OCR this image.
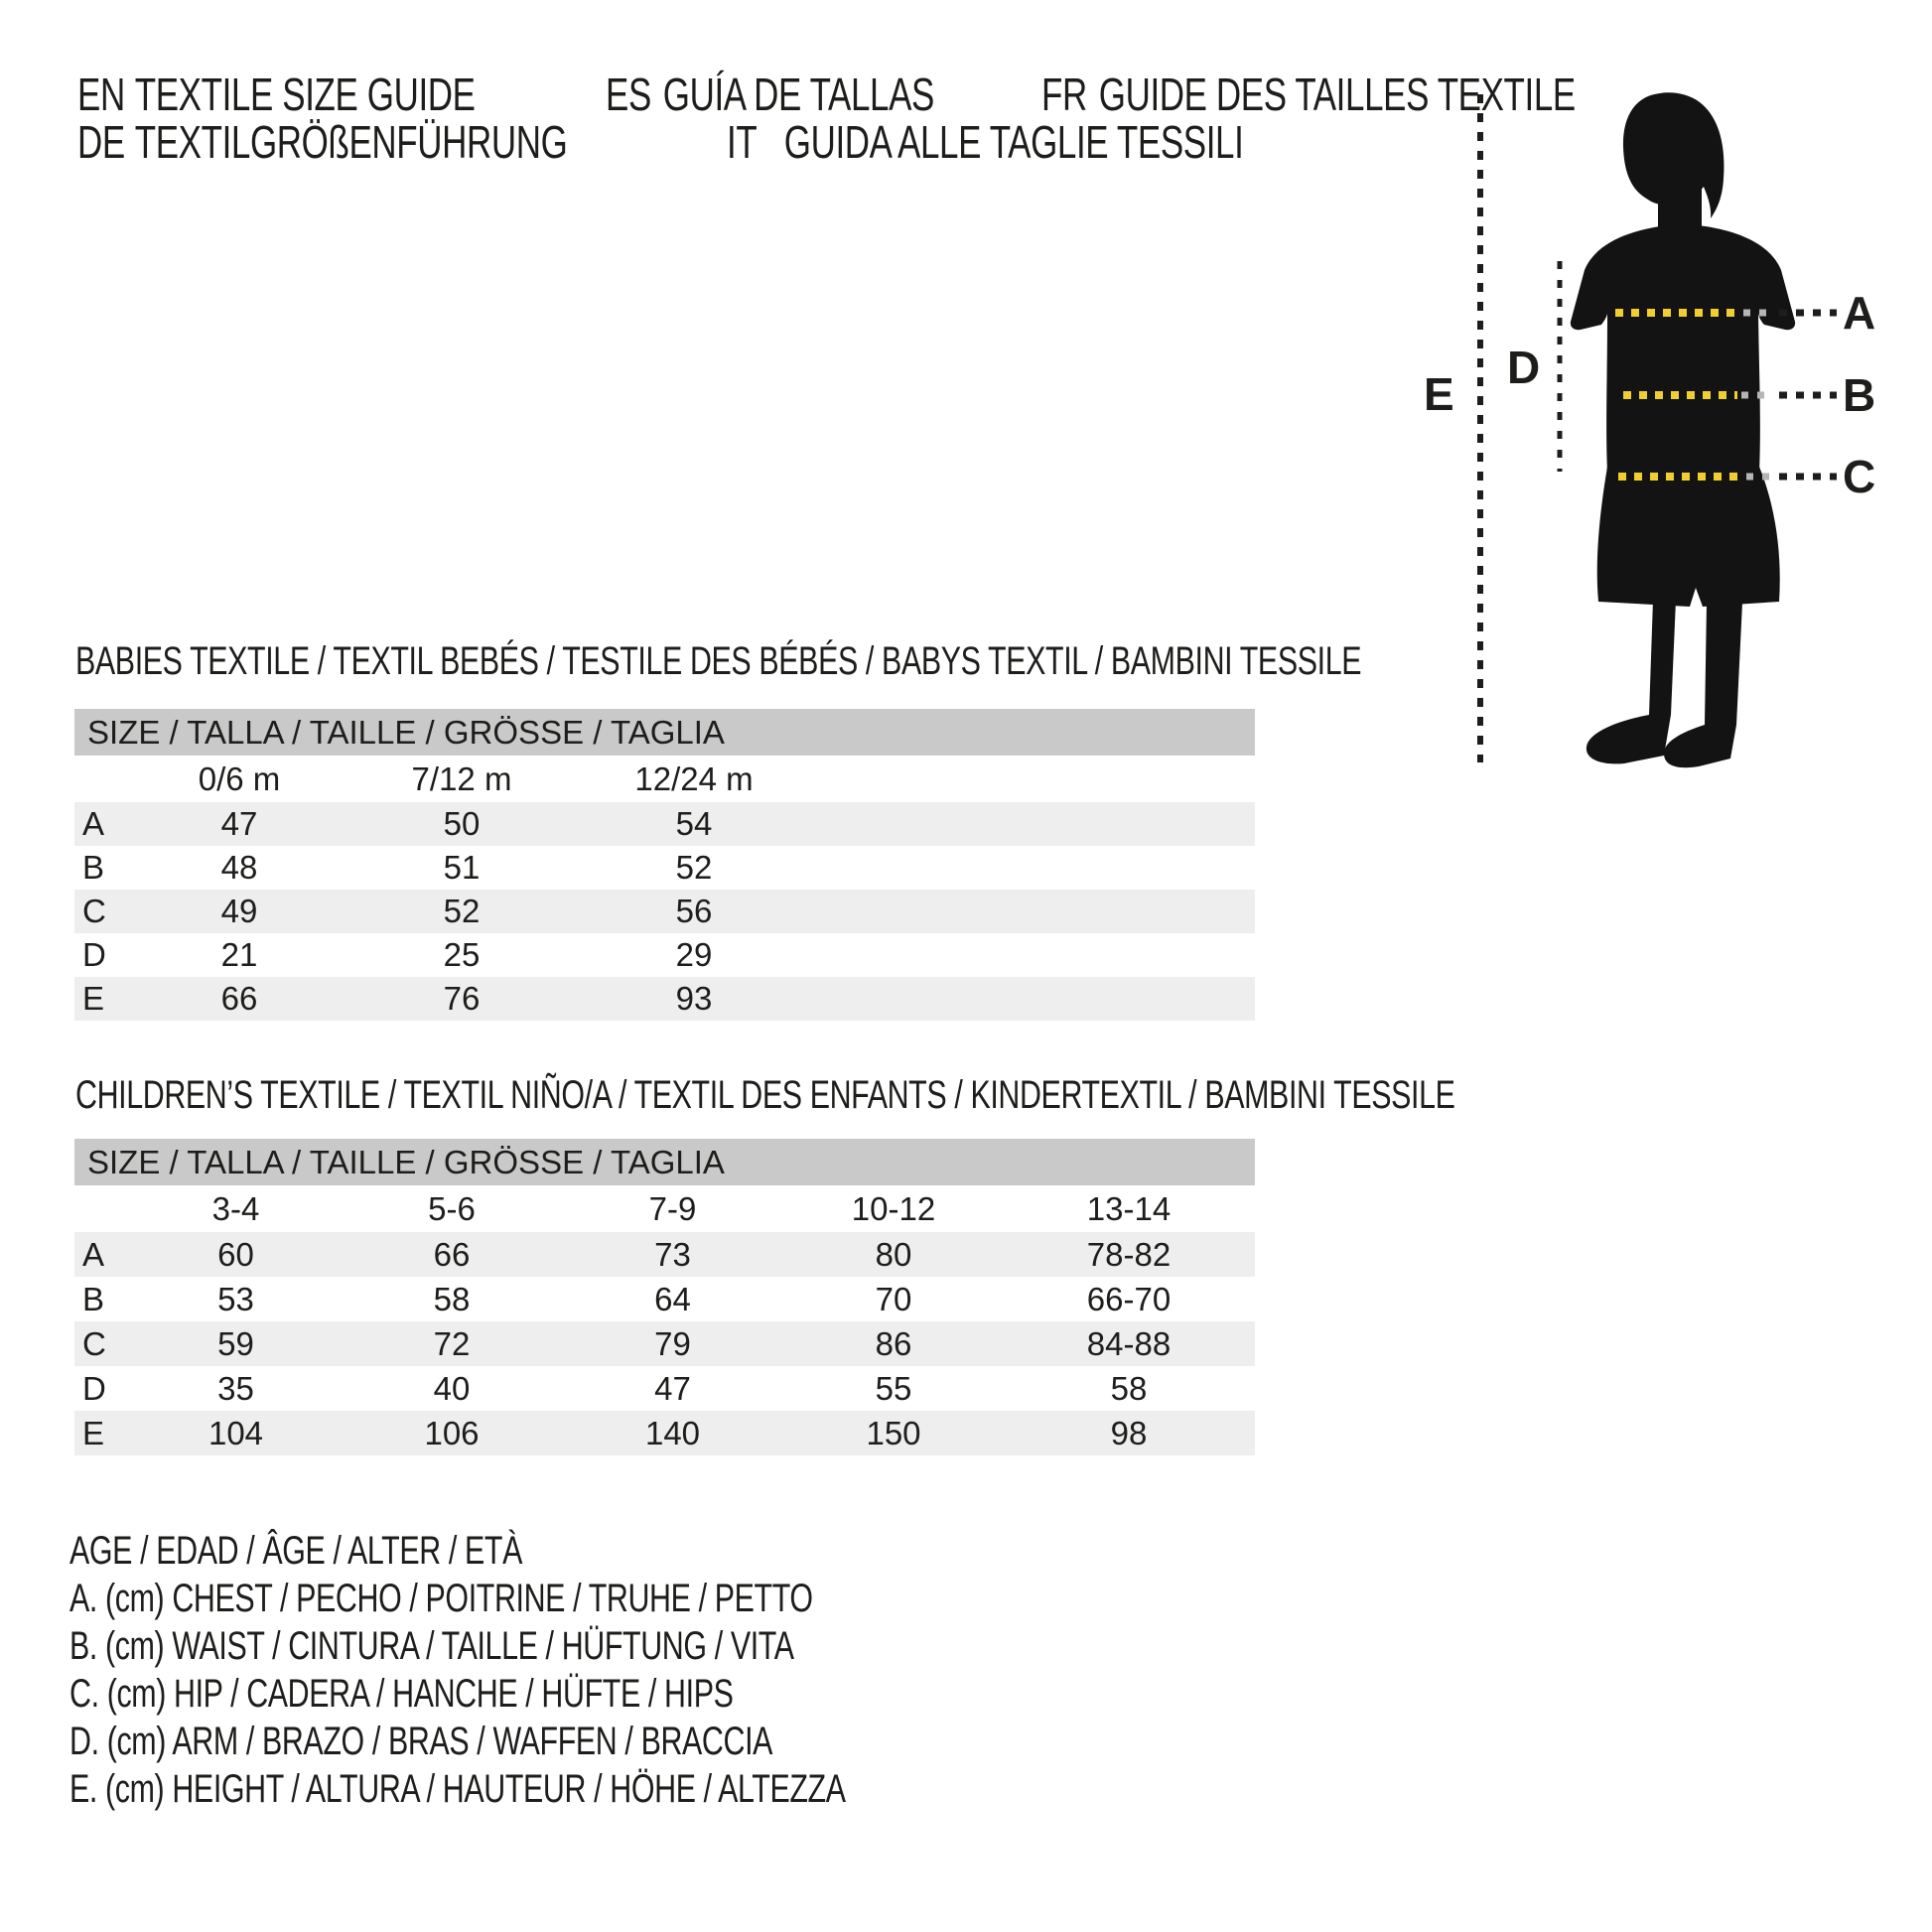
EN TEXTILE SIZE GUIDE	ES GUÍA DE TALLAS FR GUIDE DES TAILLES TEXTILE DE TEXTILGRÖßENFÜHRUNG	IT GUIDA ALLE TAGLIE TESSILI
A
B
C
D
E
BABIES TEXTILE / TEXTIL BEBÉS / TESTILE DES BÉBÉS / BABYS TEXTIL / BAMBINI TESSILE
SIZE / TALLA / TAILLE / GRÖSSE / TAGLIA
0/6 m	7/12 m	12/24 m
A	47	50	54
B	48	51	52
C	49	52	56
D	21	25	29
E	66	76	93
CHILDREN’S TEXTILE / TEXTIL NIÑO/A / TEXTIL DES ENFANTS / KINDERTEXTIL / BAMBINI TESSILE
SIZE / TALLA / TAILLE / GRÖSSE / TAGLIA
3-4	5-6	7-9	10-12	13-14
A	60	66	73	80	78-82
B	53	58	64	70	66-70
C	59	72	79	86	84-88
D	35	40	47	55	58
E	104	106	140	150	98
AGE / EDAD / ÂGE / ALTER / ETÀ
A. (cm) CHEST / PECHO / POITRINE / TRUHE / PETTO
B. (cm) WAIST / CINTURA / TAILLE / HÜFTUNG / VITA
C. (cm) HIP / CADERA / HANCHE / HÜFTE / HIPS
D. (cm) ARM / BRAZO / BRAS / WAFFEN / BRACCIA
E. (cm) HEIGHT / ALTURA / HAUTEUR / HÖHE / ALTEZZA
